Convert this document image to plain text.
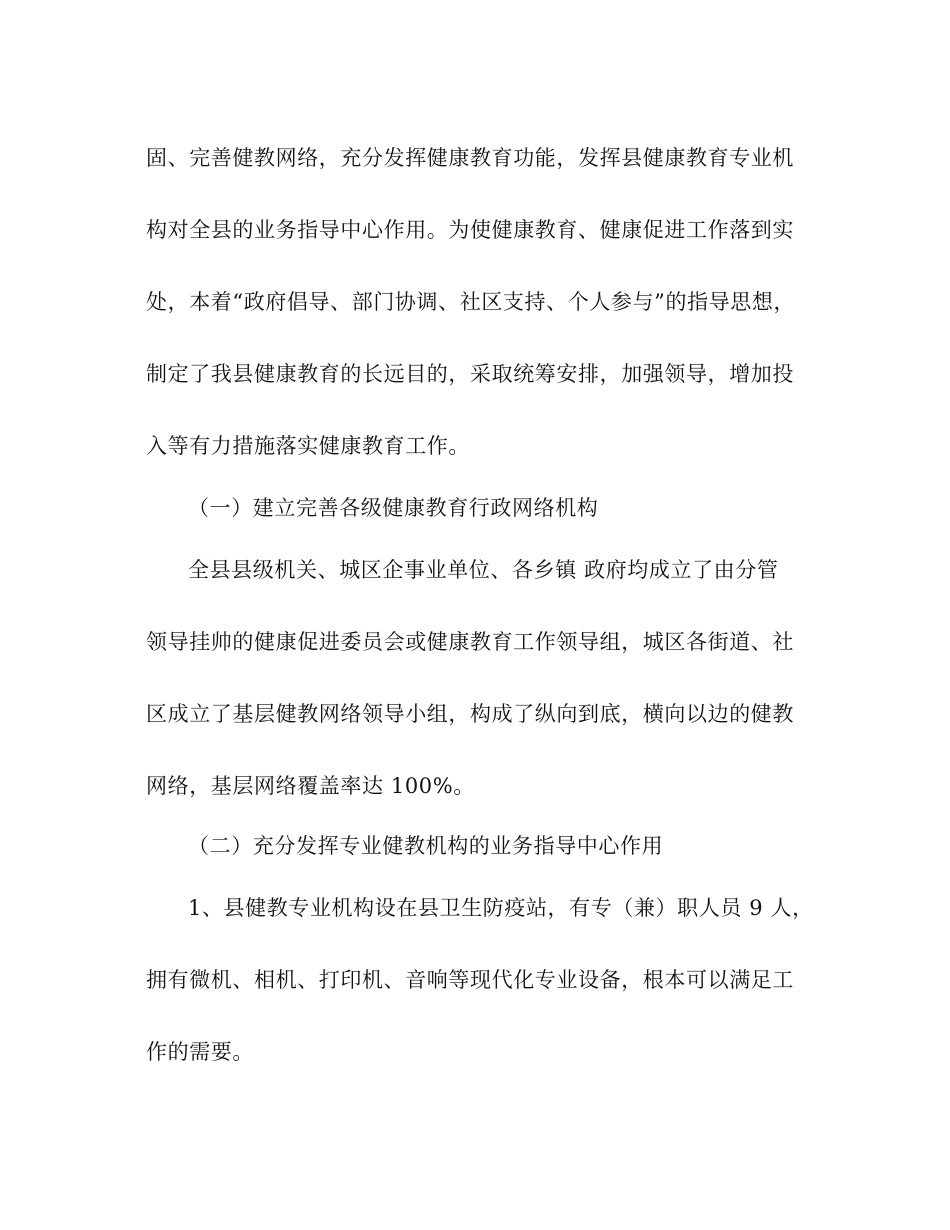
固、完善健教网络，充分发挥健康教育功能，发挥县健康教育专业机
构对全县的业务指导中心作用。为使健康教育、健康促进工作落到实
处，本着“政府倡导、部门协调、社区支持、个人参与”的指导思想，
制定了我县健康教育的长远目的，采取统筹安排，加强领导，增加投
入等有力措施落实健康教育工作。
（一）建立完善各级健康教育行政网络机构
全县县级机关、城区企事业单位、各乡镇 政府均成立了由分管
领导挂帅的健康促进委员会或健康教育工作领导组，城区各街道、社
区成立了基层健教网络领导小组，构成了纵向到底，横向以边的健教
网络，基层网络覆盖率达 100%。
（二）充分发挥专业健教机构的业务指导中心作用
1、县健教专业机构设在县卫生防疫站，有专（兼）职人员 9 人，
拥有微机、相机、打印机、音响等现代化专业设备，根本可以满足工
作的需要。
